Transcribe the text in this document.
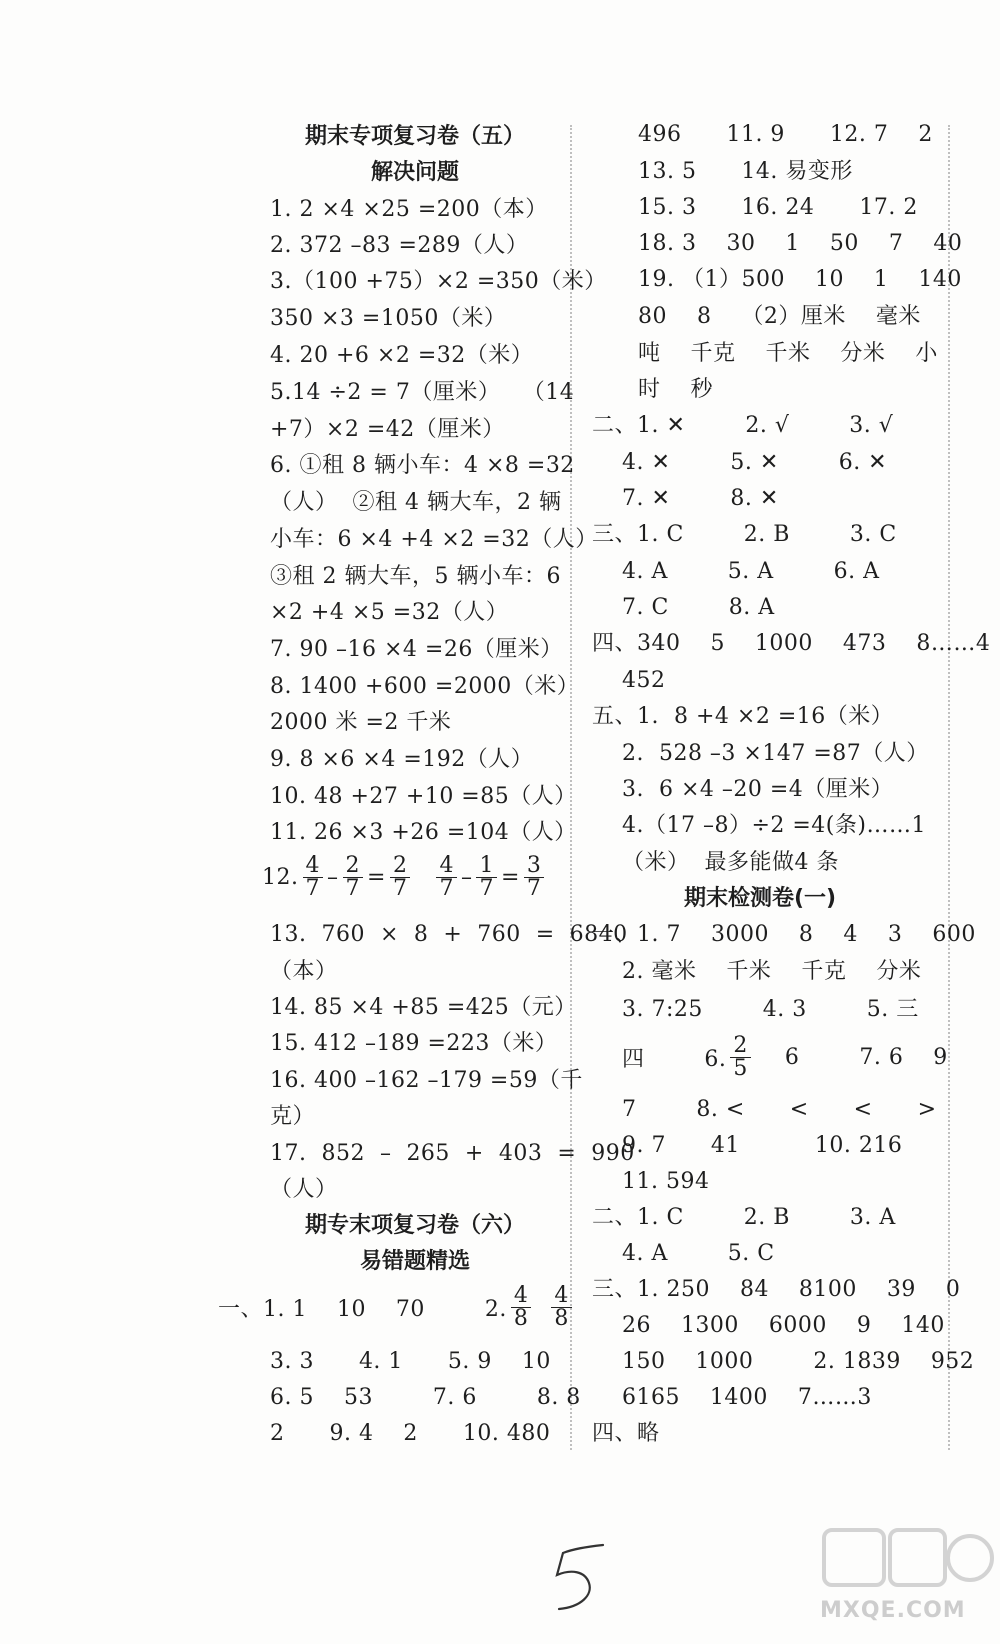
期末专项复习卷（五）
解决问题
1. 2 ×4 ×25 =200（本）
2. 372 –83 =289（人）
3.（100 +75）×2 =350（米）
350 ×3 =1050（米）
4. 20 +6 ×2 =32（米）
5.14 ÷2 = 7（厘米）   （14
+7）×2 =42（厘米）
6. ①租 8 辆小车：4 ×8 =32
（人）  ②租 4 辆大车，2 辆
小车：6 ×4 +4 ×2 =32（人）
③租 2 辆大车，5 辆小车：6
×2 +4 ×5 =32（人）
7. 90 –16 ×4 =26（厘米）
8. 1400 +600 =2000（米）
2000 米 =2 千米
9. 8 ×6 ×4 =192（人）
10. 48 +27 +10 =85（人）
11. 26 ×3 +26 =104（人）
12. $\frac{4}{7} - \frac{2}{7} = \frac{2}{7} \frac{4}{7} - \frac{1}{7} = \frac{3}{7}$
13.  760  ×  8  +  760  =  6840
（本）
14. 85 ×4 +85 =425（元）
15. 412 –189 =223（米）
16. 400 –162 –179 =59（千
克）
17.  852  –  265  +  403  =  990
（人）
期专末项复习卷（六）
易错题精选
一、1. 1    10    70        2. $\frac{4}{8} \frac{4}{8}$
3. 3      4. 1      5. 9    10
6. 5    53        7. 6        8. 8
2      9. 4    2      10. 480
496      11. 9      12. 7    2
13. 5      14. 易变形
15. 3      16. 24      17. 2
18. 3    30    1    50    7    40
19. （1）500    10    1    140
80    8    （2）厘米    毫米
吨    千克    千米    分米    小
时    秒
二、1. ✕        2. √        3. √
4. ✕        5. ✕        6. ✕
7. ✕        8. ✕
三、1. C        2. B        3. C
4. A        5. A        6. A
7. C        8. A
四、340    5    1000    473    8……4
452
五、1.  8 +4 ×2 =16（米）
2.  528 –3 ×147 =87（人）
3.  6 ×4 –20 =4（厘米）
4.（17 –8）÷2 =4(条)……1
（米）  最多能做4 条
期末检测卷(一)
一、1. 7    3000    8    4    3    600
2. 毫米    千米    千克    分米
3. 7:25        4. 3        5. 三
四        6. $\frac{2}{5} 6$        7. 6    9
7        8. <      <      <      >
9. 7      41          10. 216
11. 594
二、1. C        2. B        3. A
4. A        5. C
三、1. 250    84    8100    39    0
26    1300    6000    9    140
150    1000        2. 1839    952
6165    1400    7……3
四、略
MXQE.COM
